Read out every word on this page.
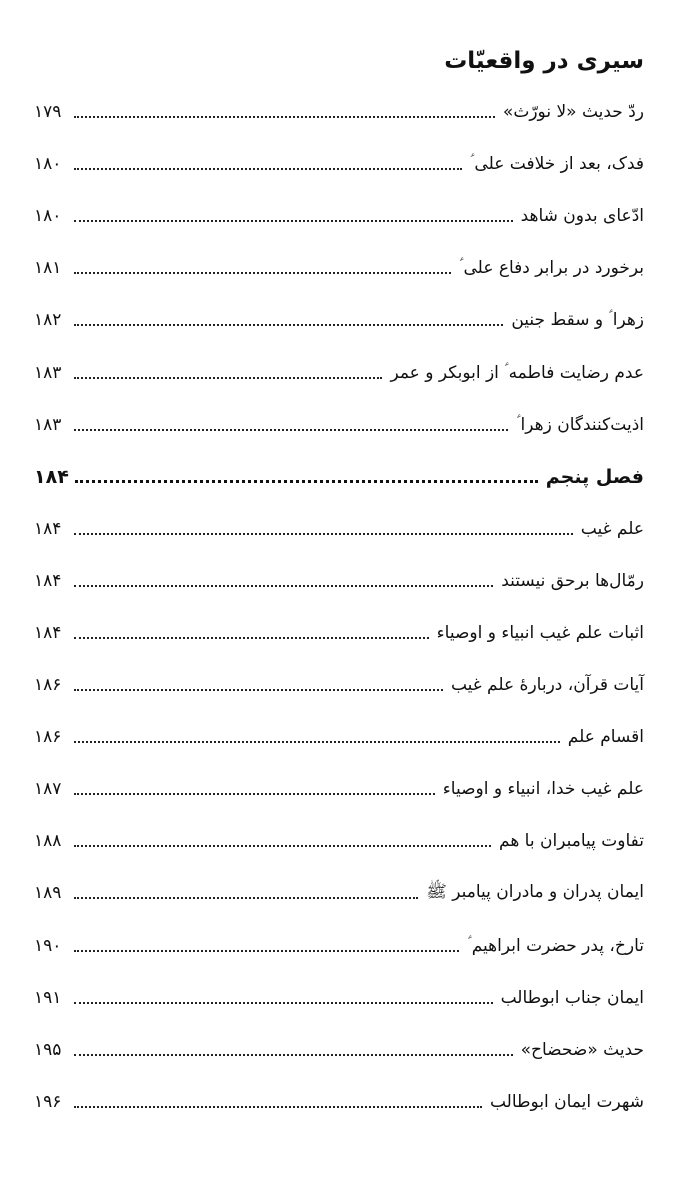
سیری در واقعیّات
ردّ حدیث «لا نورّث»
۱۷۹
فدک، بعد از خلافت علی ؑ
۱۸۰
ادّعای بدون شاهد
۱۸۰
برخورد در برابر دفاع علی ؑ
۱۸۱
زهرا ؑ و سقط جنین
۱۸۲
عدم رضایت فاطمه ؑ از ابوبکر و عمر
۱۸۳
اذیت‌کنندگان زهرا ؑ
۱۸۳
فصل پنجم
۱۸۴
علم غیب
۱۸۴
رمّال‌ها برحق نیستند
۱۸۴
اثبات علم غیب انبیاء و اوصیاء
۱۸۴
آیات قرآن، دربارۀ علم غیب
۱۸۶
اقسام علم
۱۸۶
علم غیب خدا، انبیاء و اوصیاء
۱۸۷
تفاوت پیامبران با هم
۱۸۸
ایمان پدران و مادران پیامبر ﷺ
۱۸۹
تارخ، پدر حضرت ابراهیم ؑ
۱۹۰
ایمان جناب ابوطالب
۱۹۱
حدیث «ضحضاح»
۱۹۵
شهرت ایمان ابوطالب
۱۹۶
